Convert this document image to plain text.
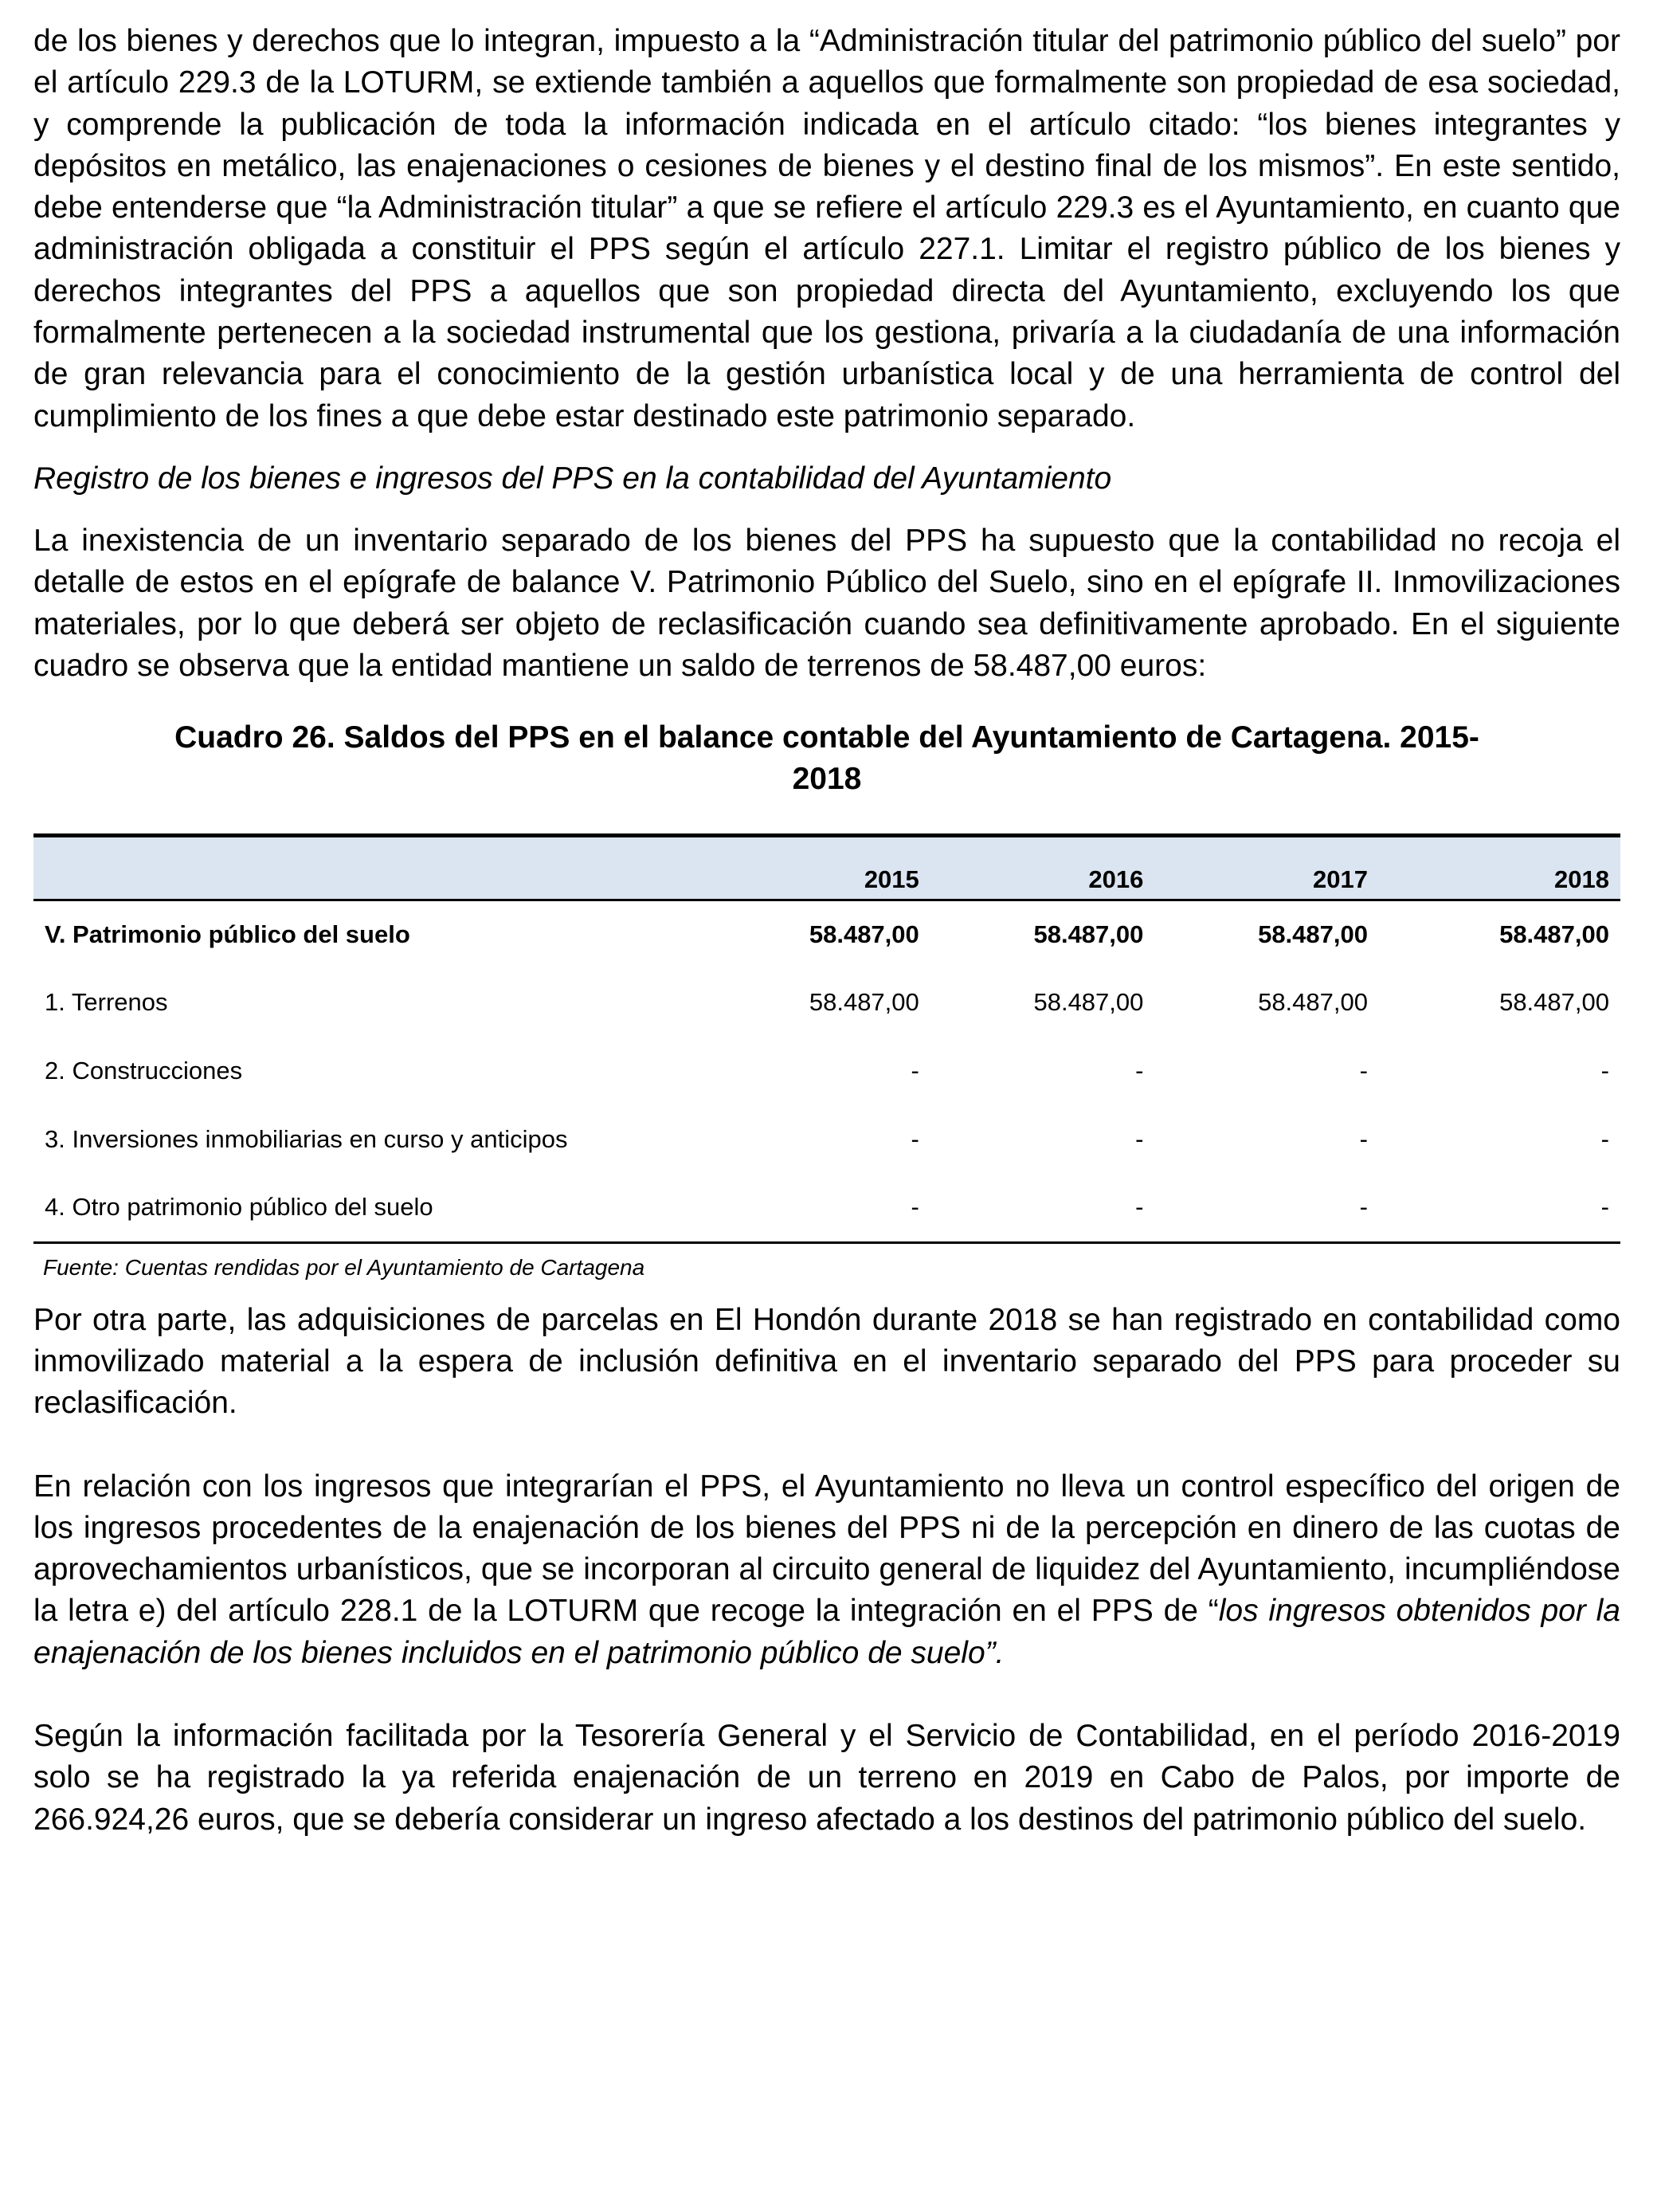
de los bienes y derechos que lo integran, impuesto a la “Administración titular del patrimonio público del suelo” por el artículo 229.3 de la LOTURM, se extiende también a aquellos que formalmente son propiedad de esa sociedad, y comprende la publicación de toda la información indicada en el artículo citado: “los bienes integrantes y depósitos en metálico, las enajenaciones o cesiones de bienes y el destino final de los mismos”. En este sentido, debe entenderse que “la Administración titular” a que se refiere el artículo 229.3 es el Ayuntamiento, en cuanto que administración obligada a constituir el PPS según el artículo 227.1. Limitar el registro público de los bienes y derechos integrantes del PPS a aquellos que son propiedad directa del Ayuntamiento, excluyendo los que formalmente pertenecen a la sociedad instrumental que los gestiona, privaría a la ciudadanía de una información de gran relevancia para el conocimiento de la gestión urbanística local y de una herramienta de control del cumplimiento de los fines a que debe estar destinado este patrimonio separado.

Registro de los bienes e ingresos del PPS en la contabilidad del Ayuntamiento

La inexistencia de un inventario separado de los bienes del PPS ha supuesto que la contabilidad no recoja el detalle de estos en el epígrafe de balance V. Patrimonio Público del Suelo, sino en el epígrafe II. Inmovilizaciones materiales, por lo que deberá ser objeto de reclasificación cuando sea definitivamente aprobado. En el siguiente cuadro se observa que la entidad mantiene un saldo de terrenos de 58.487,00 euros:

Cuadro 26. Saldos del PPS en el balance contable del Ayuntamiento de Cartagena. 2015-

2018

	2015	2016	2017	2018
V. Patrimonio público del suelo	58.487,00	58.487,00	58.487,00	58.487,00
1. Terrenos	58.487,00	58.487,00	58.487,00	58.487,00
2. Construcciones	-	-	-	-
3. Inversiones inmobiliarias en curso y anticipos	-	-	-	-
4. Otro patrimonio público del suelo	-	-	-	-

Fuente: Cuentas rendidas por el Ayuntamiento de Cartagena

Por otra parte, las adquisiciones de parcelas en El Hondón durante 2018 se han registrado en contabilidad como inmovilizado material a la espera de inclusión definitiva en el inventario separado del PPS para proceder su reclasificación.

En relación con los ingresos que integrarían el PPS, el Ayuntamiento no lleva un control específico del origen de los ingresos procedentes de la enajenación de los bienes del PPS ni de la percepción en dinero de las cuotas de aprovechamientos urbanísticos, que se incorporan al circuito general de liquidez del Ayuntamiento, incumpliéndose la letra e) del artículo 228.1 de la LOTURM que recoge la integración en el PPS de “los ingresos obtenidos por la enajenación de los bienes incluidos en el patrimonio público de suelo”.

Según la información facilitada por la Tesorería General y el Servicio de Contabilidad, en el período 2016-2019 solo se ha registrado la ya referida enajenación de un terreno en 2019 en Cabo de Palos, por importe de 266.924,26 euros, que se debería considerar un ingreso afectado a los destinos del patrimonio público del suelo.
